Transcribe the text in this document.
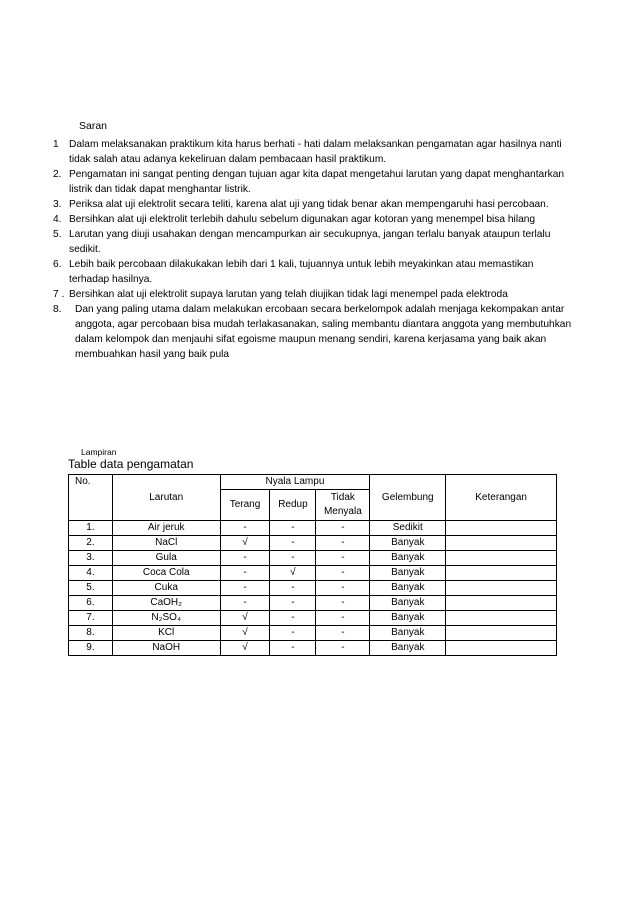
Saran
1	Dalam melaksanakan praktikum kita harus berhati - hati dalam melaksankan pengamatan agar hasilnya nanti tidak salah atau adanya kekeliruan dalam pembacaan hasil praktikum.
2. Pengamatan ini sangat penting dengan tujuan agar kita dapat mengetahui larutan yang dapat menghantarkan listrik dan tidak dapat menghantar listrik.
3. Periksa alat uji elektrolit secara teliti, karena alat uji yang tidak benar akan mempengaruhi hasi percobaan.
4. Bersihkan alat uji elektrolit terlebih dahulu sebelum digunakan agar kotoran yang menempel bisa hilang
5. Larutan yang diuji usahakan dengan mencampurkan air secukupnya, jangan terlalu banyak ataupun terlalu sedikit.
6. Lebih baik percobaan dilakukakan lebih dari 1 kali, tujuannya untuk lebih meyakinkan atau memastikan terhadap hasilnya.
7 . Bersihkan alat uji elektrolit supaya larutan yang telah diujikan tidak lagi menempel pada elektroda
8.	Dan yang paling utama dalam melakukan ercobaan secara berkelompok adalah menjaga kekompakan antar anggota, agar percobaan bisa mudah terlakasanakan, saling membantu diantara anggota yang membutuhkan dalam kelompok dan menjauhi sifat egoisme maupun menang sendiri, karena kerjasama yang baik akan membuahkan hasil yang baik pula
Lampiran
Table data pengamatan
No.	Larutan	Nyala Lampu			Gelembung	Keterangan
		Terang	Redup	Tidak
Menyala		

1.	Air jeruk	-	-	-	Sedikit	
2.	NaCl	√	-	-	Banyak	
3.	Gula	-	-	-	Banyak	
4.	Coca Cola	-	√	-	Banyak	
5.	Cuka	-	-	-	Banyak	
6.	CaOH₂	-	-	-	Banyak	
7.	N₂SO₄	√	-	-	Banyak	
8.	KCl	√	-	-	Banyak	
9.	NaOH	√	-	-	Banyak	
